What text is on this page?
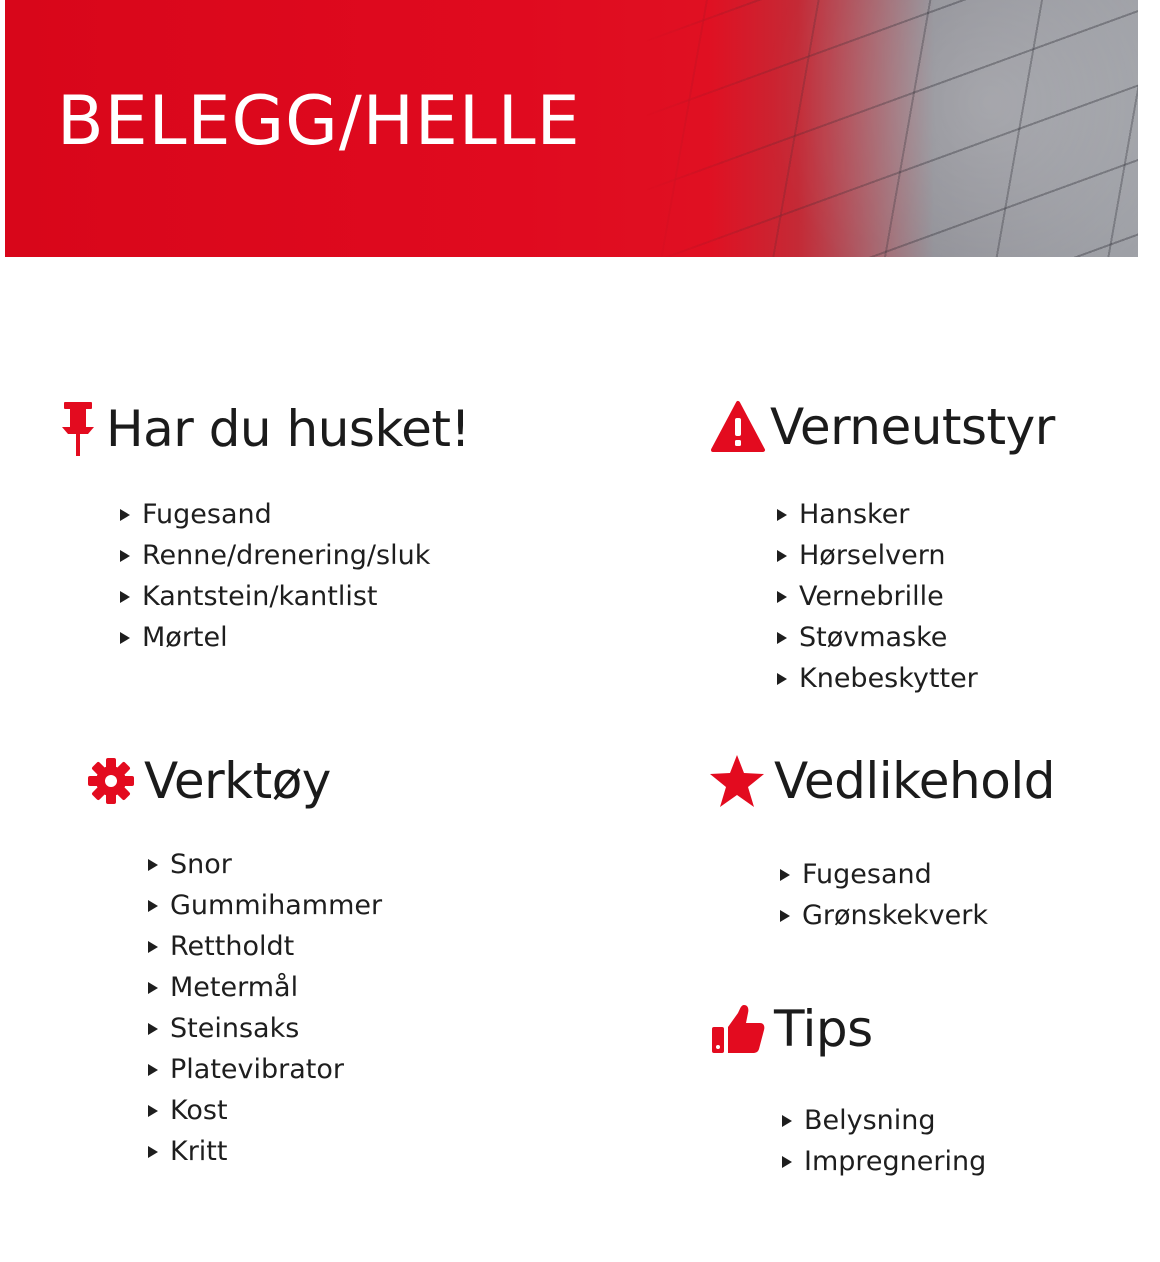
BELEGG/HELLE
Har du husket!
Fugesand
Renne/drenering/sluk
Kantstein/kantlist
Mørtel
Verneutstyr
Hansker
Hørselvern
Vernebrille
Støvmaske
Knebeskytter
Verktøy
Snor
Gummihammer
Rettholdt
Metermål
Steinsaks
Platevibrator
Kost
Kritt
Vedlikehold
Fugesand
Grønskekverk
Tips
Belysning
Impregnering
